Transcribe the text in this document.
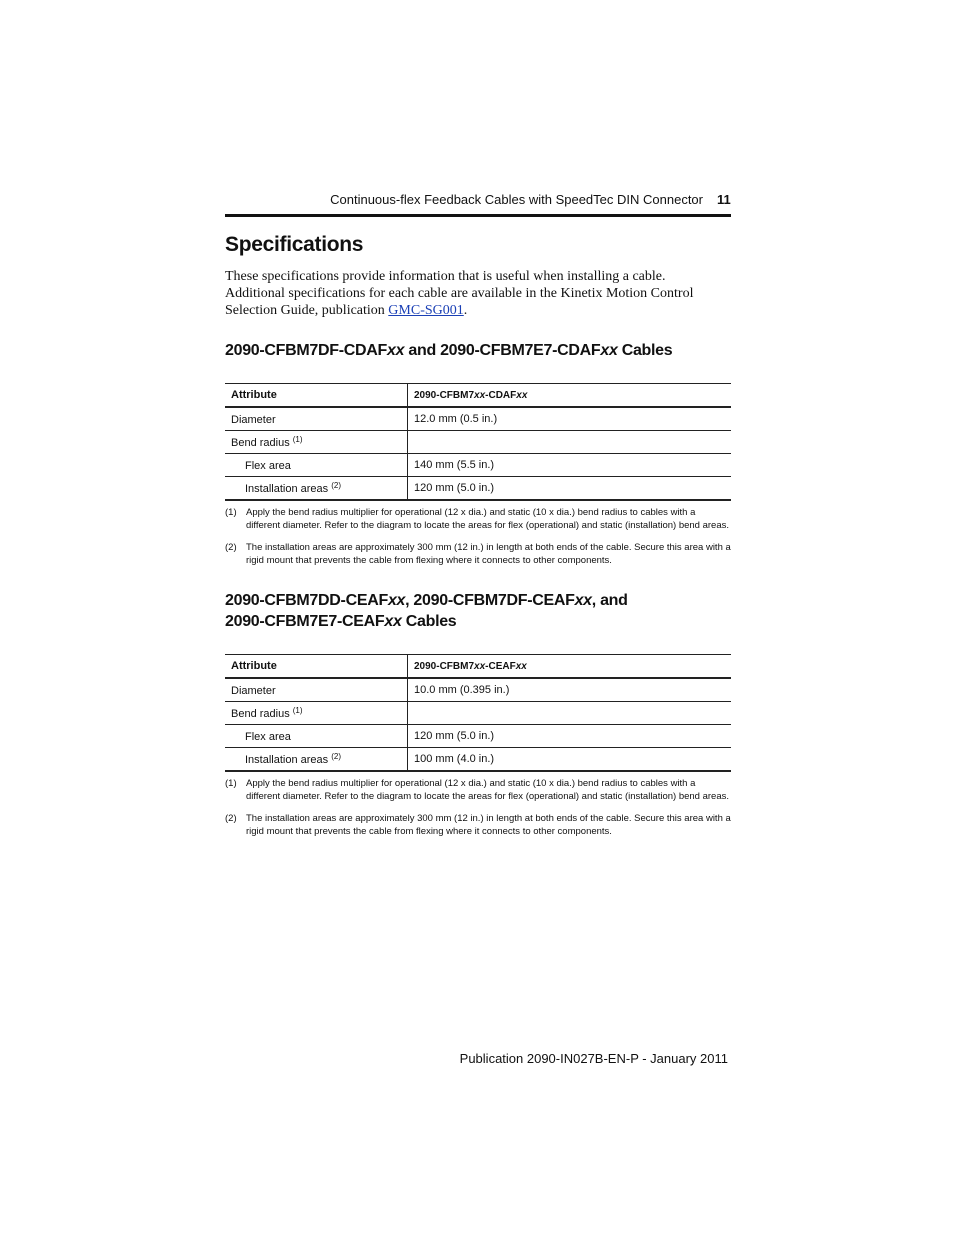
Continuous-flex Feedback Cables with SpeedTec DIN Connector 11
Specifications
These specifications provide information that is useful when installing a cable. Additional specifications for each cable are available in the Kinetix Motion Control Selection Guide, publication GMC-SG001.
2090-CFBM7DF-CDAFxx and 2090-CFBM7E7-CDAFxx Cables
Attribute	2090-CFBM7xx-CDAFxx
Diameter	12.0 mm (0.5 in.)
Bend radius $^{(1)}$	
Flex area	140 mm (5.5 in.)
Installation areas $^{(2)}$	120 mm (5.0 in.)
(1) Apply the bend radius multiplier for operational (12 x dia.) and static (10 x dia.) bend radius to cables with a different diameter. Refer to the diagram to locate the areas for flex (operational) and static (installation) bend areas.
(2) The installation areas are approximately 300 mm (12 in.) in length at both ends of the cable. Secure this area with a rigid mount that prevents the cable from flexing where it connects to other components.
2090-CFBM7DD-CEAFxx, 2090-CFBM7DF-CEAFxx, and
2090-CFBM7E7-CEAFxx Cables
Attribute	2090-CFBM7xx-CEAFxx
Diameter	10.0 mm (0.395 in.)
Bend radius $^{(1)}$	
Flex area	120 mm (5.0 in.)
Installation areas $^{(2)}$	100 mm (4.0 in.)
(1) Apply the bend radius multiplier for operational (12 x dia.) and static (10 x dia.) bend radius to cables with a different diameter. Refer to the diagram to locate the areas for flex (operational) and static (installation) bend areas.
(2) The installation areas are approximately 300 mm (12 in.) in length at both ends of the cable. Secure this area with a rigid mount that prevents the cable from flexing where it connects to other components.
Publication 2090-IN027B-EN-P - January 2011
